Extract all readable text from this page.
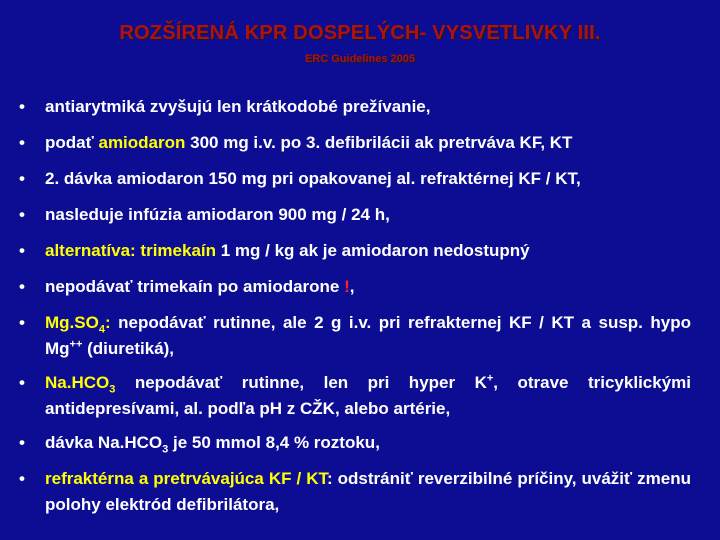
ROZŠÍRENÁ KPR DOSPELÝCH- VYSVETLIVKY III.
ERC Guidelines 2005
• antiarytmiká zvyšujú len krátkodobé prežívanie,
• podať amiodaron 300 mg i.v. po 3. defibrilácii ak pretrváva KF, KT
• 2. dávka amiodaron 150 mg pri opakovanej al. refraktérnej KF / KT,
• nasleduje infúzia amiodaron 900 mg / 24 h,
• alternatíva: trimekaín 1 mg / kg ak je amiodaron nedostupný
• nepodávať trimekaín po amiodarone !,
• $Mg.SO_4$: nepodávať rutinne, ale 2 g i.v. pri refrakternej KF / KT a susp. hypo Mg++ (diuretiká),
• $Na.HCO_3$ nepodávať rutinne, len pri hyper K+, otrave tricyklickými antidepresívami, al. podľa pH z CŽK, alebo artérie,
• dávka $Na.HCO_3$ je 50 mmol 8,4 % roztoku,
• refraktérna a pretrvávajúca KF / KT: odstrániť reverzibilné príčiny, uvážiť zmenu polohy elektród defibrilátora,
